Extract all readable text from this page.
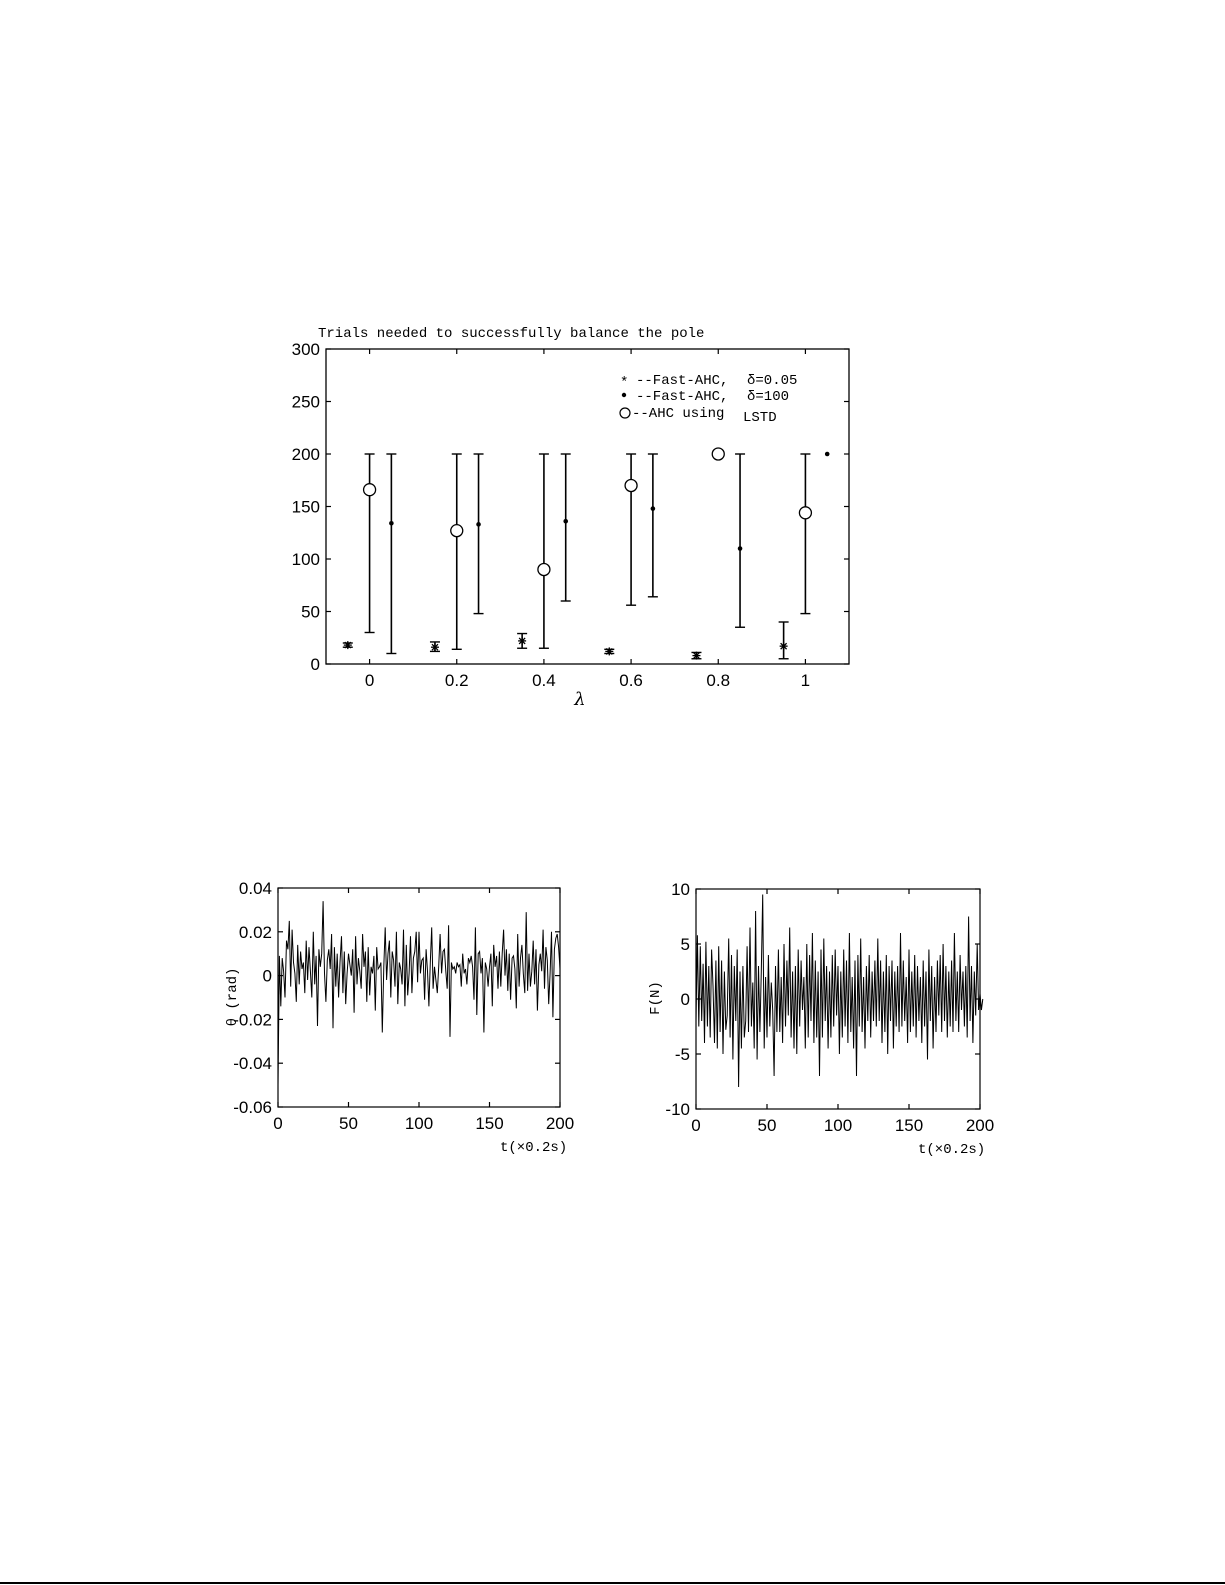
Trials needed to successfully balance the pole
0
50
100
150
200
250
300
0	0.2	0.4	0.6	0.8	1
λ
* --Fast-AHC, δ=0.05
--Fast-AHC, δ=100
--AHC using LSTD
-0.06
-0.04
-0.02
0
0.02
0.04
0	50	100 150 200
θ (rad)
t(×0.2s)
-10
-5
0
5
10
0	50	100	150	200
F(N)
t(×0.2s)
